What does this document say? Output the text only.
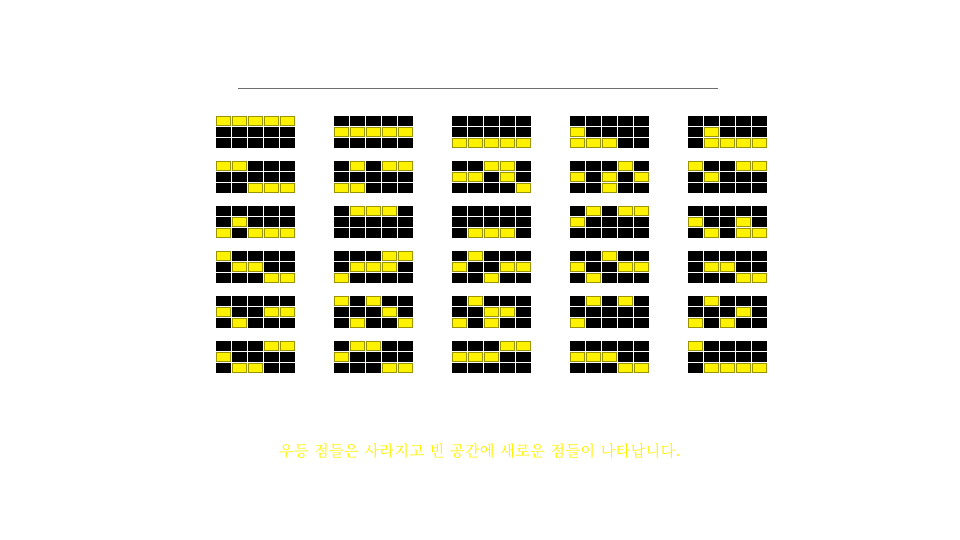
우등 점들은 사라지고 빈 공간에 새로운 점들이 나타납니다.
